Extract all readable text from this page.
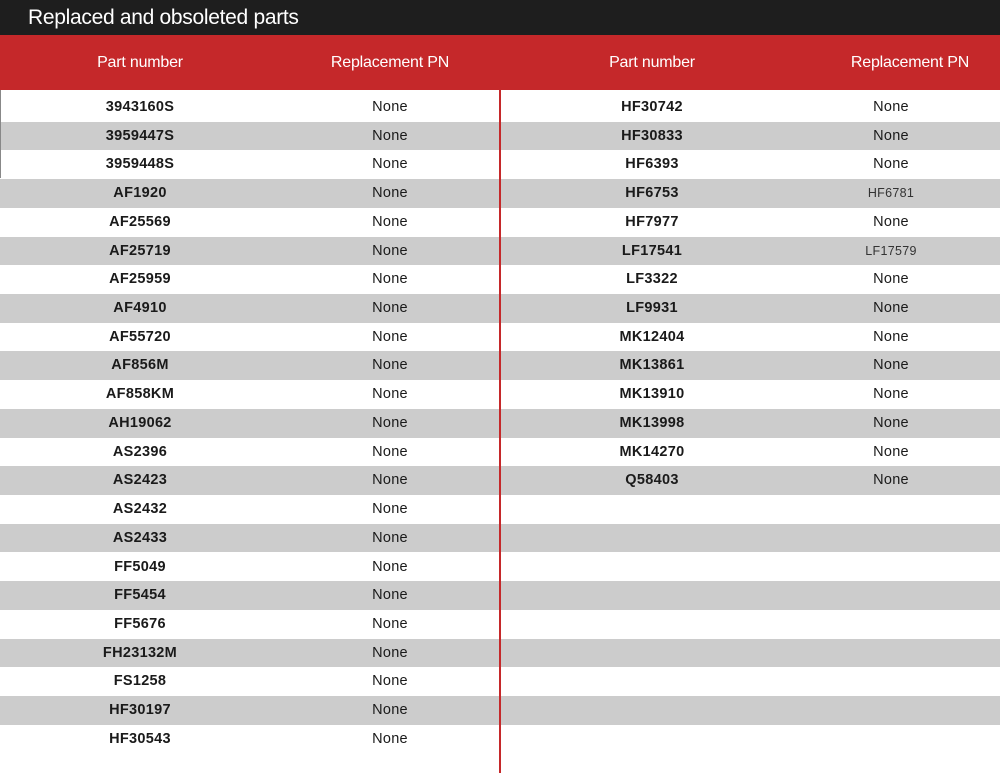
Replaced and obsoleted parts
Part number	Replacement PN	Part number	Replacement PN
3943160S	None
3959447S	None
3959448S	None
AF1920	None
AF25569	None
AF25719	None
AF25959	None
AF4910	None
AF55720	None
AF856M	None
AF858KM	None
AH19062	None
AS2396	None
AS2423	None
AS2432	None
AS2433	None
FF5049	None
FF5454	None
FF5676	None
FH23132M	None
FS1258	None
HF30197	None
HF30543	None
HF30742	None
HF30833	None
HF6393	None
HF6753	HF6781
HF7977	None
LF17541	LF17579
LF3322	None
LF9931	None
MK12404	None
MK13861	None
MK13910	None
MK13998	None
MK14270	None
Q58403	None
